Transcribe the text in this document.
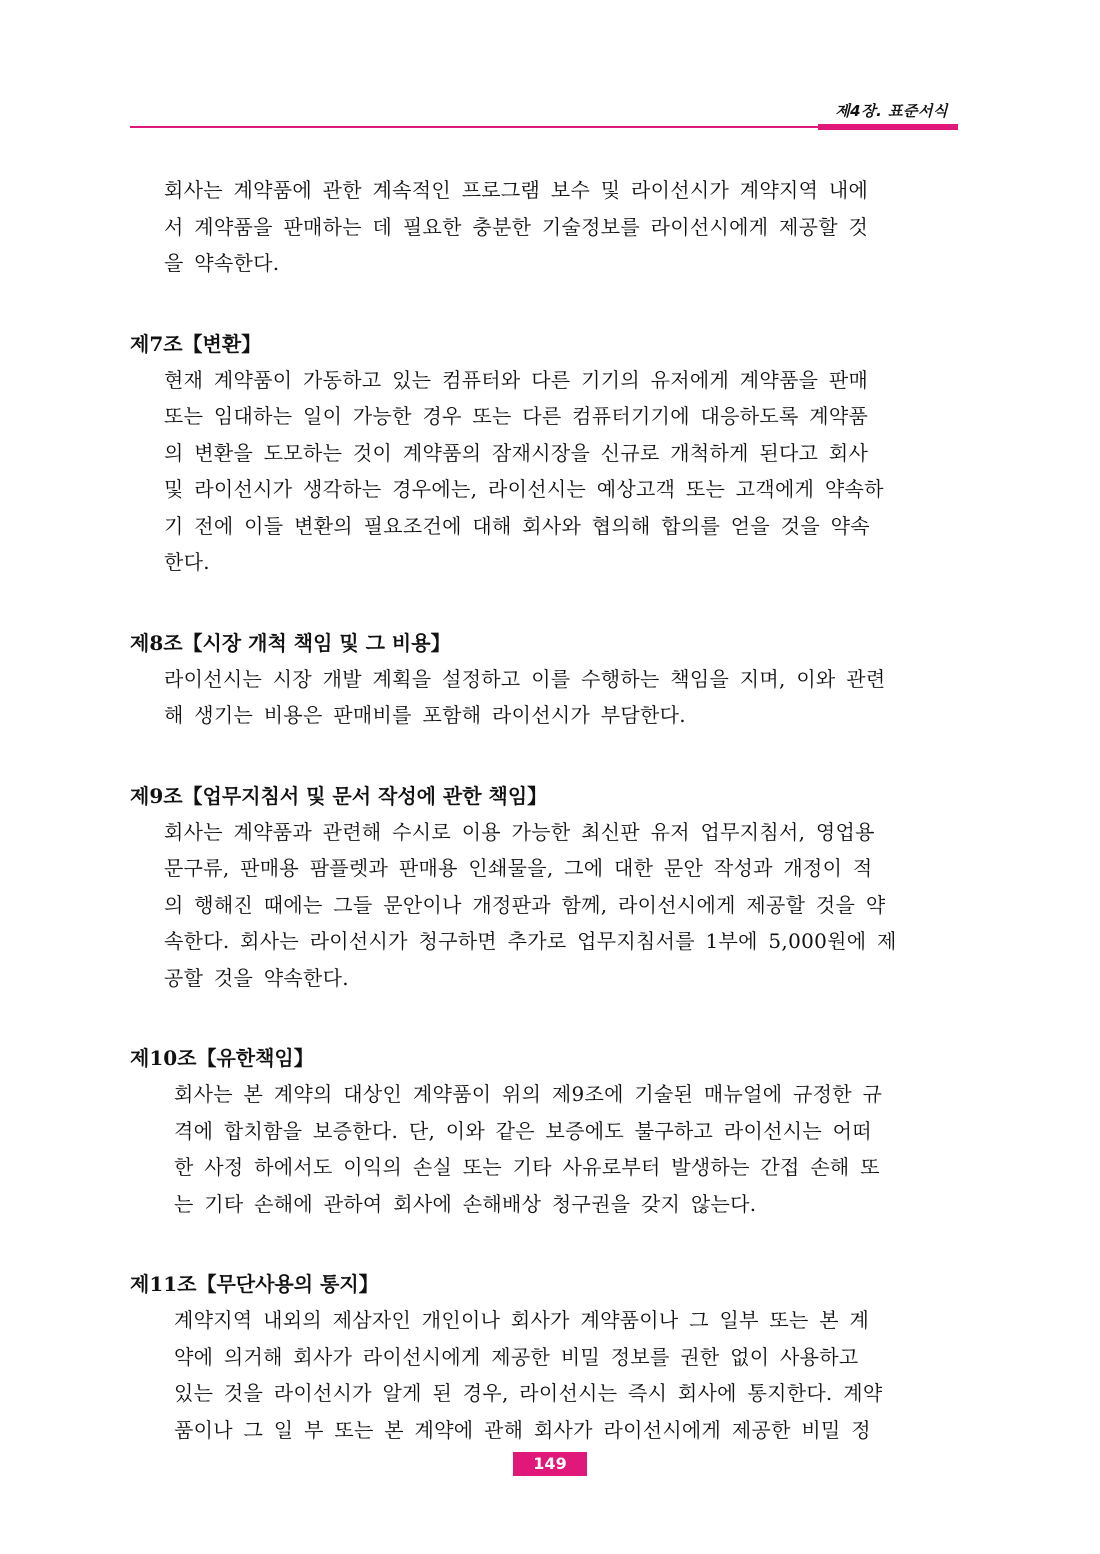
제4장. 표준서식
회사는 계약품에 관한 계속적인 프로그램 보수 및 라이선시가 계약지역 내에
서 계약품을 판매하는 데 필요한 충분한 기술정보를 라이선시에게 제공할 것
을 약속한다.
제7조【변환】
현재 계약품이 가동하고 있는 컴퓨터와 다른 기기의 유저에게 계약품을 판매
또는 임대하는 일이 가능한 경우 또는 다른 컴퓨터기기에 대응하도록 계약품
의 변환을 도모하는 것이 계약품의 잠재시장을 신규로 개척하게 된다고 회사
및 라이선시가 생각하는 경우에는, 라이선시는 예상고객 또는 고객에게 약속하
기 전에 이들 변환의 필요조건에 대해 회사와 협의해 합의를 얻을 것을 약속
한다.
제8조【시장 개척 책임 및 그 비용】
라이선시는 시장 개발 계획을 설정하고 이를 수행하는 책임을 지며, 이와 관련
해 생기는 비용은 판매비를 포함해 라이선시가 부담한다.
제9조【업무지침서 및 문서 작성에 관한 책임】
회사는 계약품과 관련해 수시로 이용 가능한 최신판 유저 업무지침서, 영업용
문구류, 판매용 팜플렛과 판매용 인쇄물을, 그에 대한 문안 작성과 개정이 적
의 행해진 때에는 그들 문안이나 개정판과 함께, 라이선시에게 제공할 것을 약
속한다. 회사는 라이선시가 청구하면 추가로 업무지침서를 1부에 5,000원에 제
공할 것을 약속한다.
제10조【유한책임】
회사는 본 계약의 대상인 계약품이 위의 제9조에 기술된 매뉴얼에 규정한 규
격에 합치함을 보증한다. 단, 이와 같은 보증에도 불구하고 라이선시는 어떠
한 사정 하에서도 이익의 손실 또는 기타 사유로부터 발생하는 간접 손해 또
는 기타 손해에 관하여 회사에 손해배상 청구권을 갖지 않는다.
제11조【무단사용의 통지】
계약지역 내외의 제삼자인 개인이나 회사가 계약품이나 그 일부 또는 본 계
약에 의거해 회사가 라이선시에게 제공한 비밀 정보를 권한 없이 사용하고
있는 것을 라이선시가 알게 된 경우, 라이선시는 즉시 회사에 통지한다. 계약
품이나 그 일 부 또는 본 계약에 관해 회사가 라이선시에게 제공한 비밀 정
149
